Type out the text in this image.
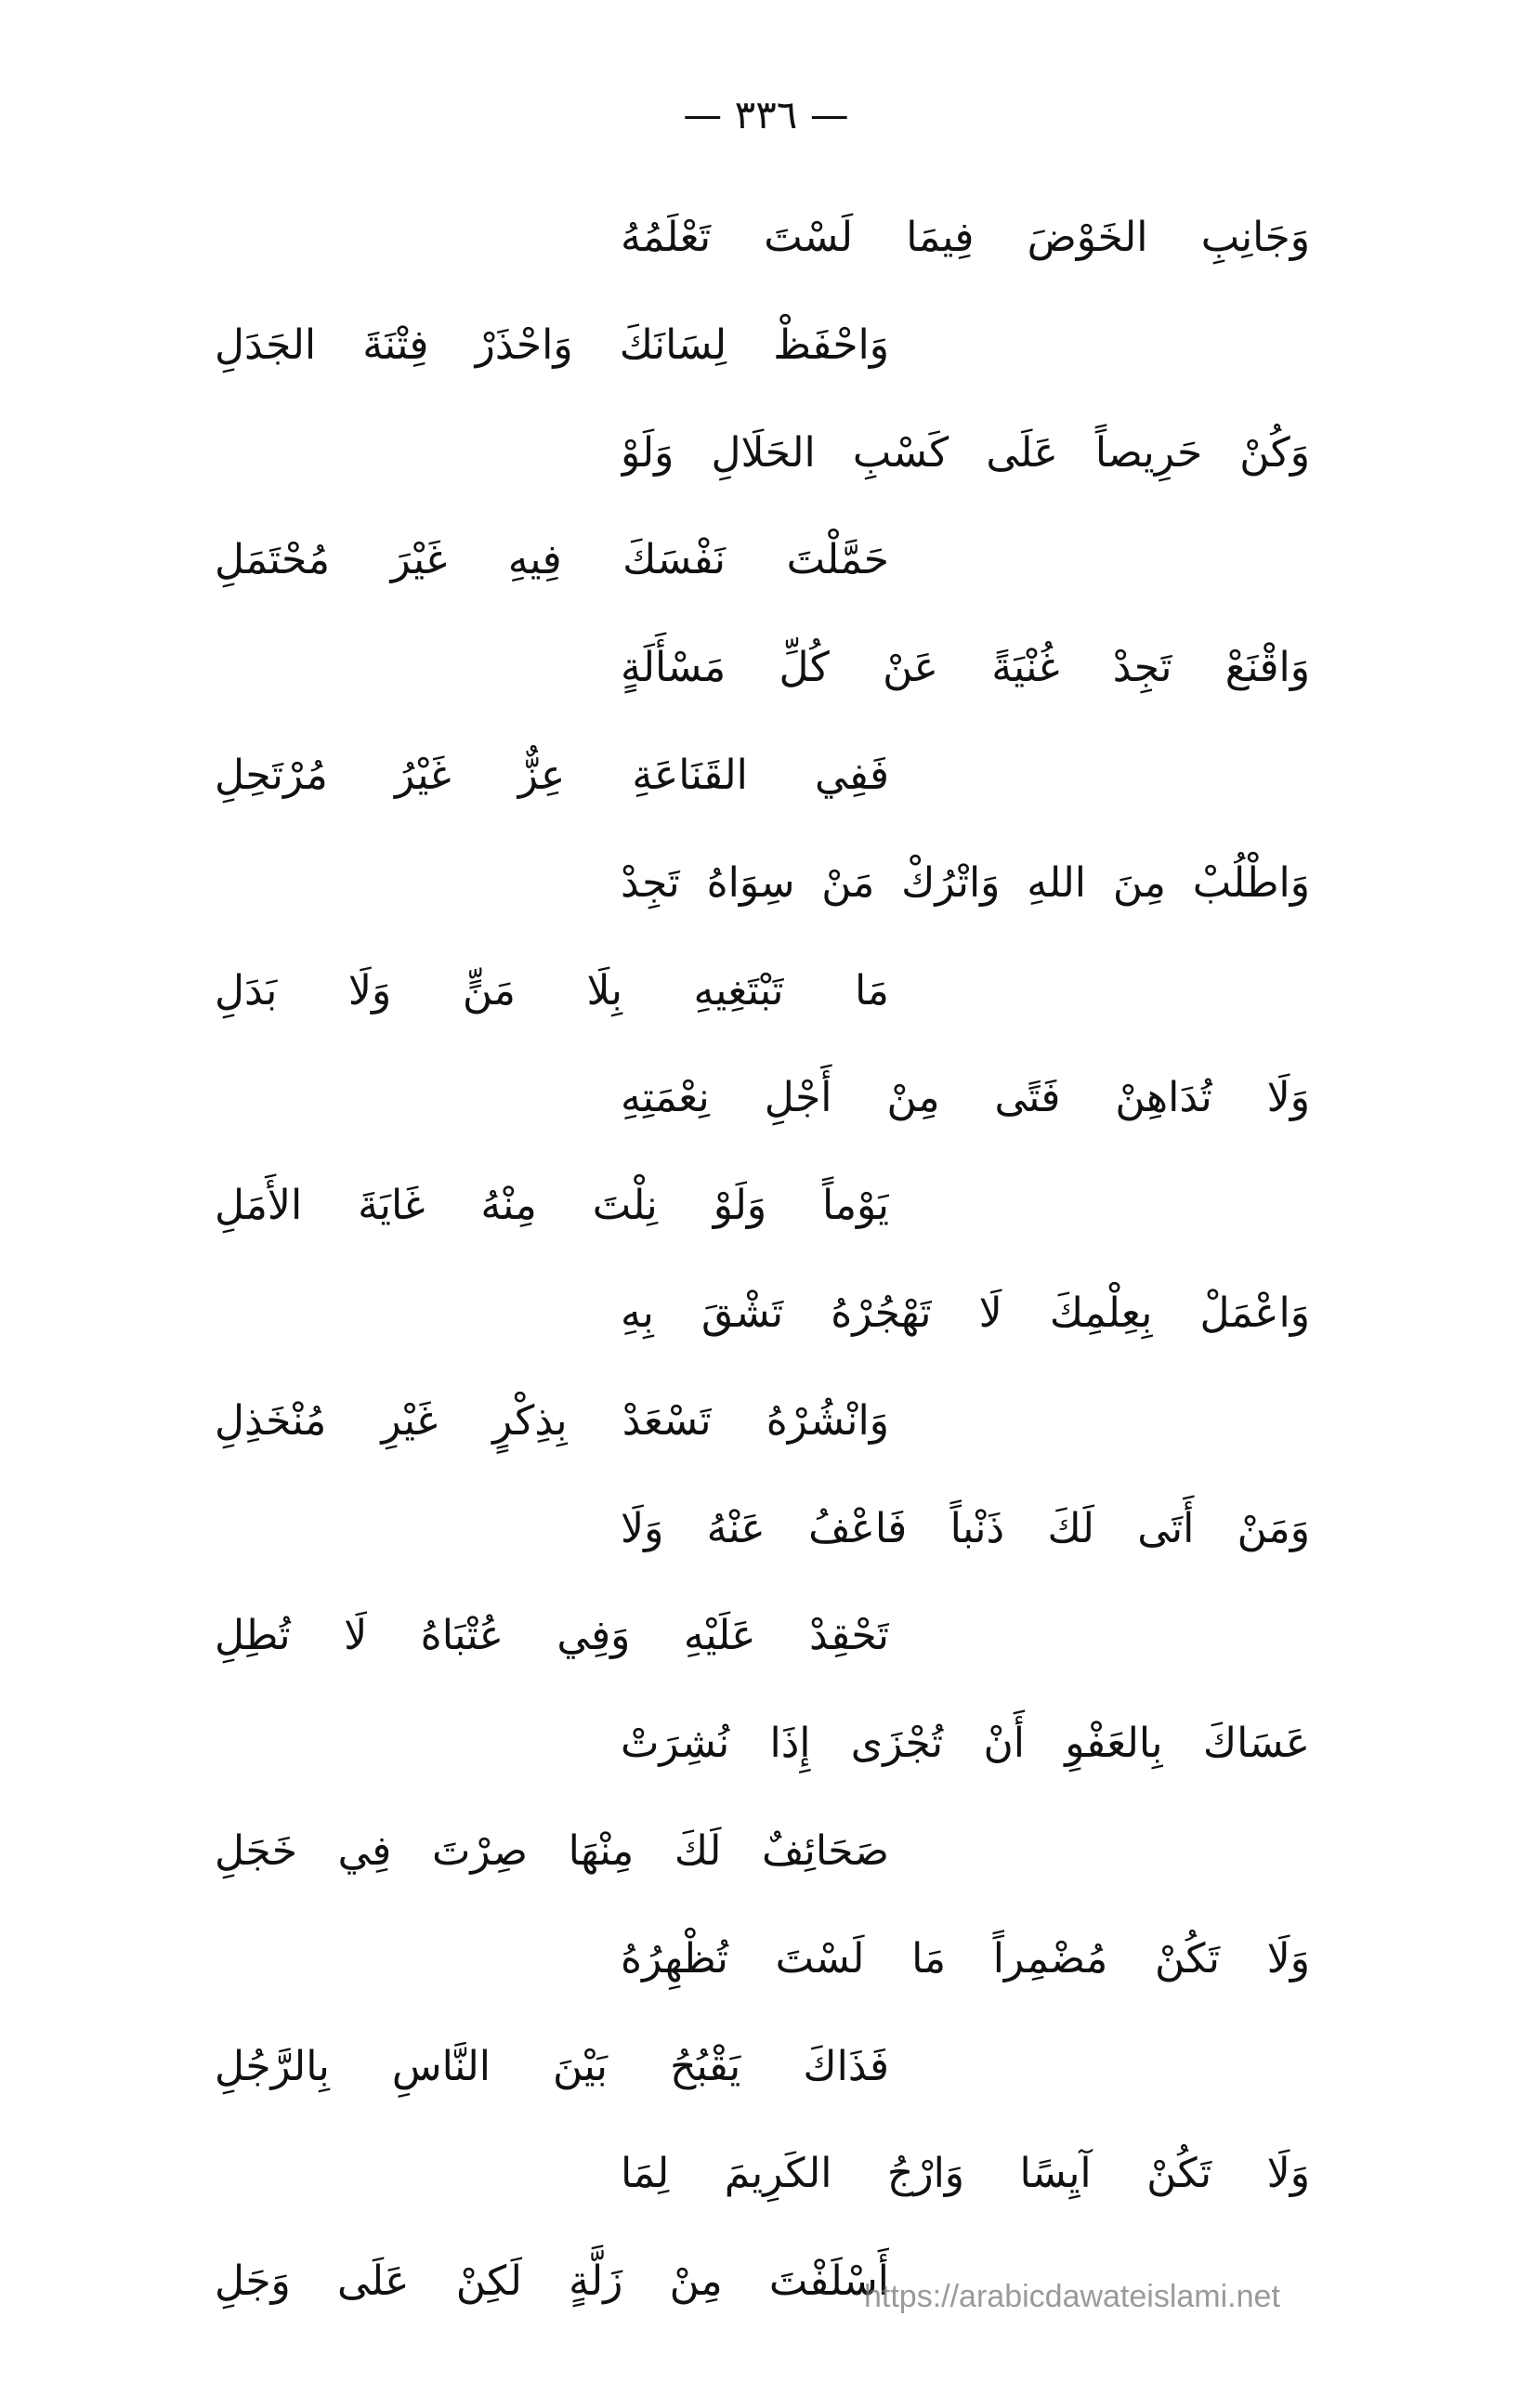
— ٣٣٦ —
وَجَانِبِ الخَوْضَ فِيمَا لَسْتَ تَعْلَمُهُ
وَاحْفَظْ لِسَانَكَ وَاحْذَرْ فِتْنَةَ الجَدَلِ
وَكُنْ حَرِيصاً عَلَى كَسْبِ الحَلَالِ وَلَوْ
حَمَّلْتَ نَفْسَكَ فِيهِ غَيْرَ مُحْتَمَلِ
وَاقْنَعْ تَجِدْ غُنْيَةً عَنْ كُلِّ مَسْأَلَةٍ
فَفِي القَنَاعَةِ عِزٌّ غَيْرُ مُرْتَحِلِ
وَاطْلُبْ مِنَ اللهِ وَاتْرُكْ مَنْ سِوَاهُ تَجِدْ
مَا تَبْتَغِيهِ بِلَا مَنٍّ وَلَا بَدَلِ
وَلَا تُدَاهِنْ فَتًى مِنْ أَجْلِ نِعْمَتِهِ
يَوْماً وَلَوْ نِلْتَ مِنْهُ غَايَةَ الأَمَلِ
وَاعْمَلْ بِعِلْمِكَ لَا تَهْجُرْهُ تَشْقَ بِهِ
وَانْشُرْهُ تَسْعَدْ بِذِكْرٍ غَيْرِ مُنْخَذِلِ
وَمَنْ أَتَى لَكَ ذَنْباً فَاعْفُ عَنْهُ وَلَا
تَحْقِدْ عَلَيْهِ وَفِي عُتْبَاهُ لَا تُطِلِ
عَسَاكَ بِالعَفْوِ أَنْ تُجْزَى إِذَا نُشِرَتْ
صَحَائِفٌ لَكَ مِنْهَا صِرْتَ فِي خَجَلِ
وَلَا تَكُنْ مُضْمِراً مَا لَسْتَ تُظْهِرُهُ
فَذَاكَ يَقْبُحُ بَيْنَ النَّاسِ بِالرَّجُلِ
وَلَا تَكُنْ آيِسًا وَارْجُ الكَرِيمَ لِمَا
أَسْلَفْتَ مِنْ زَلَّةٍ لَكِنْ عَلَى وَجَلِ
https://arabicdawateislami.net
